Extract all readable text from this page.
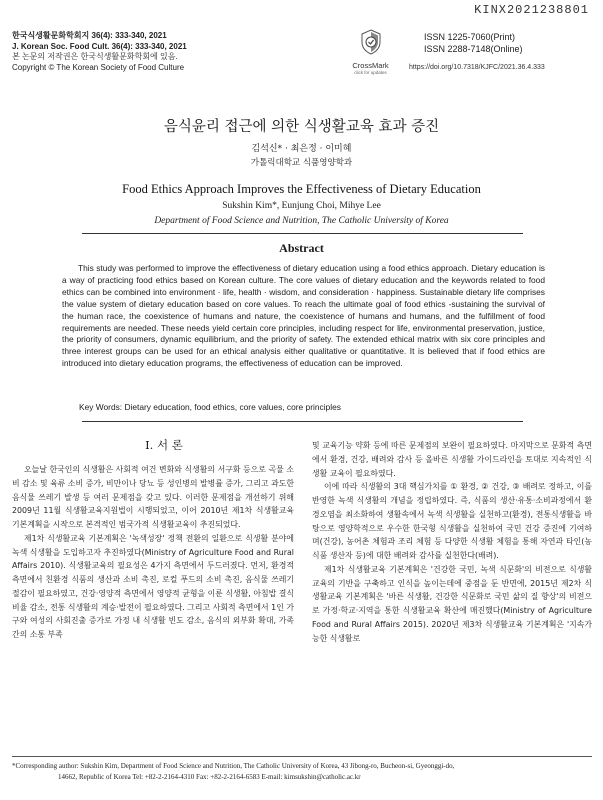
KINX2021238801
한국식생활문화학회지 36(4): 333-340, 2021
J. Korean Soc. Food Cult. 36(4): 333-340, 2021
본 논문의 저작권은 한국식생활문화학회에 있음.
Copyright © The Korean Society of Food Culture	CrossMark
click for updates
ISSN 1225-7060(Print)
ISSN 2288-7148(Online)
https://doi.org/10.7318/KJFC/2021.36.4.333
음식윤리 접근에 의한 식생활교육 효과 증진
김석신* · 최은정 · 이미혜
가톨릭대학교 식품영양학과
Food Ethics Approach Improves the Effectiveness of Dietary Education
Sukshin Kim*, Eunjung Choi, Mihye Lee
Department of Food Science and Nutrition, The Catholic University of Korea
Abstract
This study was performed to improve the effectiveness of dietary education using a food ethics approach. Dietary education is a way of practicing food ethics based on Korean culture. The core values of dietary education and the keywords related to food ethics can be combined into environment · life, health · wisdom, and consideration · happiness. Sustainable dietary life comprises the value system of dietary education based on core values. To reach the ultimate goal of food ethics -sustaining the survival of the human race, the coexistence of humans and nature, the coexistence of humans and humans, and the fulfillment of food requirements are needed. These needs yield certain core principles, including respect for life, environmental preservation, justice, the priority of consumers, dynamic equilibrium, and the priority of safety. The extended ethical matrix with six core principles and three interest groups can be used for an ethical analysis either qualitative or quantitative. It is believed that if food ethics are introduced into dietary education programs, the effectiveness of education can be improved.
Key Words: Dietary education, food ethics, core values, core principles
I. 서 론

오늘날 한국인의 식생활은 사회적 여건 변화와 식생활의 서구화 등으로 곡물 소비 감소 및 육류 소비 증가, 비만이나 당뇨 등 성인병의 발병률 증가, 그리고 과도한 음식물 쓰레기 발생 등 여러 문제점을 갖고 있다. 이러한 문제점을 개선하기 위해 2009년 11월 식생활교육지원법이 시행되었고, 이어 2010년 제1차 식생활교육 기본계획을 시작으로 본격적인 범국가적 식생활교육이 추진되었다.

제1차 식생활교육 기본계획은 '녹색성장' 정책 전환의 일환으로 식생활 분야에 녹색 식생활을 도입하고자 추진하였다(Ministry of Agriculture Food and Rural Affairs 2010). 식생활교육의 필요성은 4가지 측면에서 두드러졌다. 먼저, 환경적 측면에서 친환경 식품의 생산과 소비 촉진, 로컬 푸드의 소비 촉진, 음식물 쓰레기 절감이 필요하였고, 건강·영양적 측면에서 영양적 균형을 이룬 식생활, 아침밥 결식비율 감소, 전통 식생활의 계승·발전이 필요하였다. 그리고 사회적 측면에서 1인 가구와 여성의 사회진출 증가로 가정 내 식생활 빈도 감소, 음식의 외부화 확대, 가족 간의 소통 부족

및 교육기능 약화 등에 따른 문제점의 보완이 필요하였다. 마지막으로 문화적 측면에서 환경, 건강, 배려와 감사 등 올바른 식생활 가이드라인을 토대로 지속적인 식생활 교육이 필요하였다.

이에 따라 식생활의 3대 핵심가치를 ① 환경, ② 건강, ③ 배려로 정하고, 이를 반영한 녹색 식생활의 개념을 정립하였다. 즉, 식품의 생산·유통·소비과정에서 환경오염을 최소화하여 생활속에서 녹색 식생활을 실천하고(환경), 전통식생활을 바탕으로 영양학적으로 우수한 한국형 식생활을 실천하여 국민 건강 증진에 기여하며(건강), 농어촌 체험과 조리 체험 등 다양한 식생활 체험을 통해 자연과 타인(농식품 생산자 등)에 대한 배려와 감사를 실천한다(배려).

제1차 식생활교육 기본계획은 '건강한 국민, 녹색 식문화'의 비전으로 식생활교육의 기반을 구축하고 인식을 높이는데에 중점을 둔 반면에, 2015년 제2차 식생활교육 기본계획은 '바른 식생활, 건강한 식문화로 국민 삶의 질 향상'의 비전으로 가정·학교·지역을 통한 식생활교육 확산에 매진했다(Ministry of Agriculture Food and Rural Affairs 2015). 2020년 제3차 식생활교육 기본계획은 '지속가능한 식생활로

*Corresponding author: Sukshin Kim, Department of Food Science and Nutrition, The Catholic University of Korea, 43 Jibong-ro, Bucheon-si, Gyeonggi-do,
14662, Republic of Korea Tel: +82-2-2164-4310 Fax: +82-2-2164-6583 E-mail: kimsukshin@catholic.ac.kr
